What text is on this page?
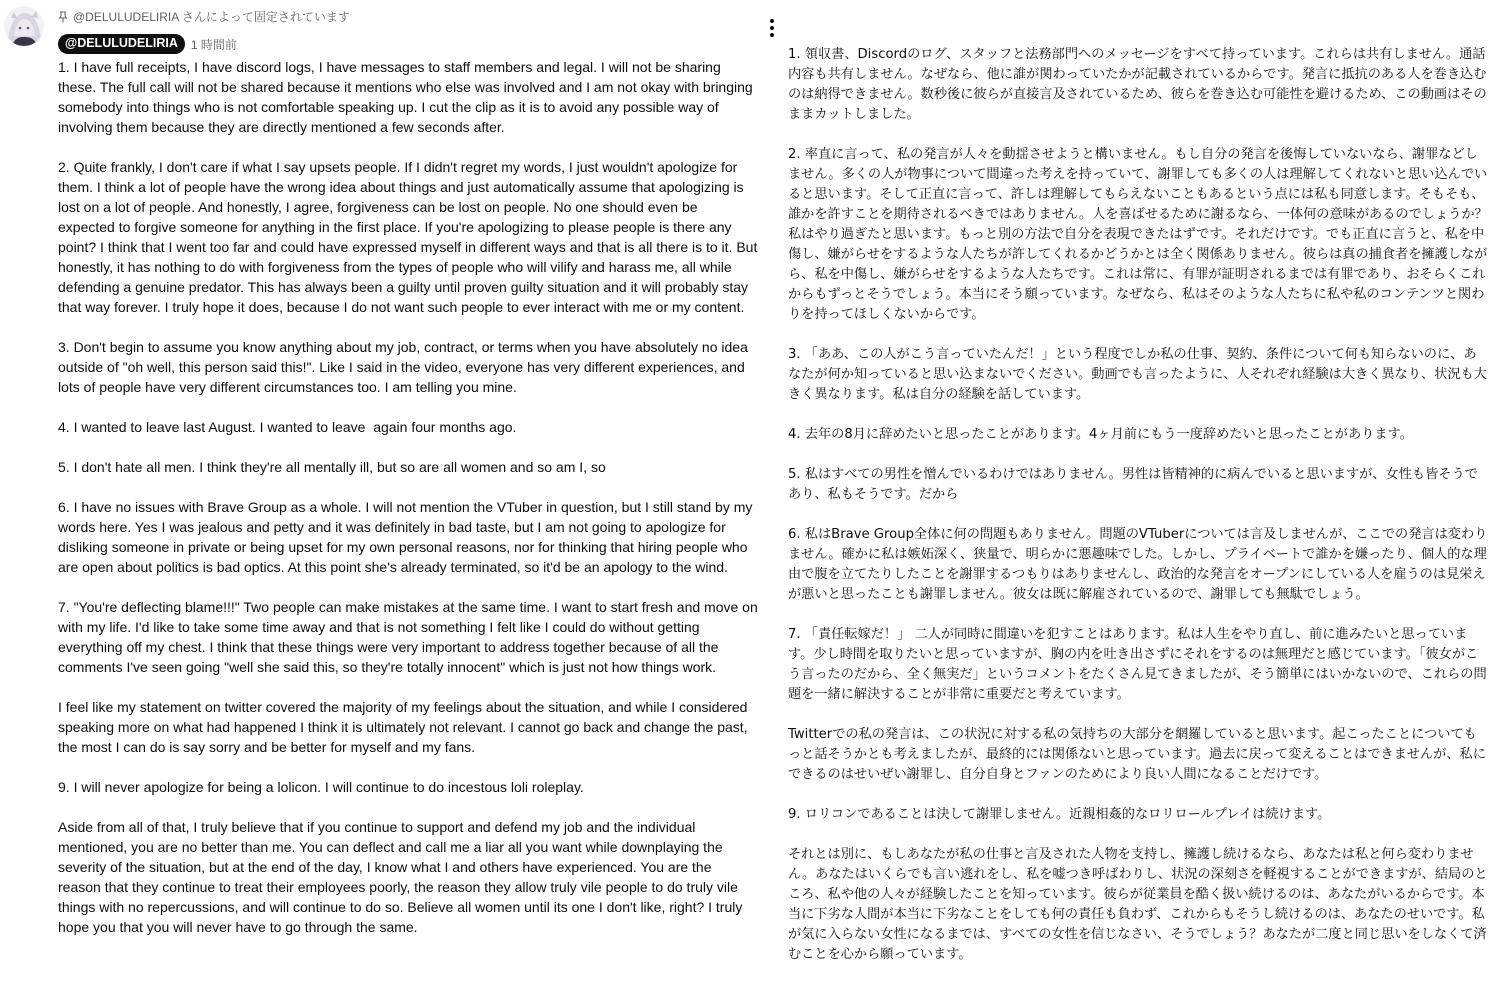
@DELULUDELIRIA さんによって固定されています
@DELULUDELIRIA	1 時間前

1. I have full receipts, I have discord logs, I have messages to staff members and legal. I will not be sharing these. The full call will not be shared because it mentions who else was involved and I am not okay with bringing somebody into things who is not comfortable speaking up. I cut the clip as it is to avoid any possible way of involving them because they are directly mentioned a few seconds after.

2. Quite frankly, I don't care if what I say upsets people. If I didn't regret my words, I just wouldn't apologize for them. I think a lot of people have the wrong idea about things and just automatically assume that apologizing is lost on a lot of people. And honestly, I agree, forgiveness can be lost on people. No one should even be expected to forgive someone for anything in the first place. If you're apologizing to please people is there any point? I think that I went too far and could have expressed myself in different ways and that is all there is to it. But honestly, it has nothing to do with forgiveness from the types of people who will vilify and harass me, all while defending a genuine predator. This has always been a guilty until proven guilty situation and it will probably stay that way forever. I truly hope it does, because I do not want such people to ever interact with me or my content.

3. Don't begin to assume you know anything about my job, contract, or terms when you have absolutely no idea outside of "oh well, this person said this!". Like I said in the video, everyone has very different experiences, and lots of people have very different circumstances too. I am telling you mine.

4. I wanted to leave last August. I wanted to leave  again four months ago.

5. I don't hate all men. I think they're all mentally ill, but so are all women and so am I, so

6. I have no issues with Brave Group as a whole. I will not mention the VTuber in question, but I still stand by my words here. Yes I was jealous and petty and it was definitely in bad taste, but I am not going to apologize for disliking someone in private or being upset for my own personal reasons, nor for thinking that hiring people who are open about politics is bad optics. At this point she's already terminated, so it'd be an apology to the wind.

7. "You're deflecting blame!!!" Two people can make mistakes at the same time. I want to start fresh and move on with my life. I'd like to take some time away and that is not something I felt like I could do without getting everything off my chest. I think that these things were very important to address together because of all the comments I've seen going "well she said this, so they're totally innocent" which is just not how things work.

I feel like my statement on twitter covered the majority of my feelings about the situation, and while I considered speaking more on what had happened I think it is ultimately not relevant. I cannot go back and change the past, the most I can do is say sorry and be better for myself and my fans.

9. I will never apologize for being a lolicon. I will continue to do incestous loli roleplay.

Aside from all of that, I truly believe that if you continue to support and defend my job and the individual mentioned, you are no better than me. You can deflect and call me a liar all you want while downplaying the severity of the situation, but at the end of the day, I know what I and others have experienced. You are the reason that they continue to treat their employees poorly, the reason they allow truly vile people to do truly vile things with no repercussions, and will continue to do so. Believe all women until its one I don't like, right? I truly hope you that you will never have to go through the same.

1. 領収書、Discordのログ、スタッフと法務部門へのメッセージをすべて持っています。これらは共有しません。通話内容も共有しません。なぜなら、他に誰が関わっていたかが記載されているからです。発言に抵抗のある人を巻き込むのは納得できません。数秒後に彼らが直接言及されているため、彼らを巻き込む可能性を避けるため、この動画はそのままカットしました。

2. 率直に言って、私の発言が人々を動揺させようと構いません。もし自分の発言を後悔していないなら、謝罪などしません。多くの人が物事について間違った考えを持っていて、謝罪しても多くの人は理解してくれないと思い込んでいると思います。そして正直に言って、許しは理解してもらえないこともあるという点には私も同意します。そもそも、誰かを許すことを期待されるべきではありません。人を喜ばせるために謝るなら、一体何の意味があるのでしょうか？私はやり過ぎたと思います。もっと別の方法で自分を表現できたはずです。それだけです。でも正直に言うと、私を中傷し、嫌がらせをするような人たちが許してくれるかどうかとは全く関係ありません。彼らは真の捕食者を擁護しながら、私を中傷し、嫌がらせをするような人たちです。これは常に、有罪が証明されるまでは有罪であり、おそらくこれからもずっとそうでしょう。本当にそう願っています。なぜなら、私はそのような人たちに私や私のコンテンツと関わりを持ってほしくないからです。

3. 「ああ、この人がこう言っていたんだ！」という程度でしか私の仕事、契約、条件について何も知らないのに、あなたが何か知っていると思い込まないでください。動画でも言ったように、人それぞれ経験は大きく異なり、状況も大きく異なります。私は自分の経験を話しています。

4. 去年の8月に辞めたいと思ったことがあります。4ヶ月前にもう一度辞めたいと思ったことがあります。

5. 私はすべての男性を憎んでいるわけではありません。男性は皆精神的に病んでいると思いますが、女性も皆そうであり、私もそうです。だから

6. 私はBrave Group全体に何の問題もありません。問題のVTuberについては言及しませんが、ここでの発言は変わりません。確かに私は嫉妬深く、狭量で、明らかに悪趣味でした。しかし、プライベートで誰かを嫌ったり、個人的な理由で腹を立てたりしたことを謝罪するつもりはありませんし、政治的な発言をオープンにしている人を雇うのは見栄えが悪いと思ったことも謝罪しません。彼女は既に解雇されているので、謝罪しても無駄でしょう。

7. 「責任転嫁だ！」 二人が同時に間違いを犯すことはあります。私は人生をやり直し、前に進みたいと思っています。少し時間を取りたいと思っていますが、胸の内を吐き出さずにそれをするのは無理だと感じています。「彼女がこう言ったのだから、全く無実だ」というコメントをたくさん見てきましたが、そう簡単にはいかないので、これらの問題を一緒に解決することが非常に重要だと考えています。

Twitterでの私の発言は、この状況に対する私の気持ちの大部分を網羅していると思います。起こったことについてもっと話そうかとも考えましたが、最終的には関係ないと思っています。過去に戻って変えることはできませんが、私にできるのはせいぜい謝罪し、自分自身とファンのためにより良い人間になることだけです。

9. ロリコンであることは決して謝罪しません。近親相姦的なロリロールプレイは続けます。

それとは別に、もしあなたが私の仕事と言及された人物を支持し、擁護し続けるなら、あなたは私と何ら変わりません。あなたはいくらでも言い逃れをし、私を嘘つき呼ばわりし、状況の深刻さを軽視することができますが、結局のところ、私や他の人々が経験したことを知っています。彼らが従業員を酷く扱い続けるのは、あなたがいるからです。本当に下劣な人間が本当に下劣なことをしても何の責任も負わず、これからもそうし続けるのは、あなたのせいです。私が気に入らない女性になるまでは、すべての女性を信じなさい、そうでしょう？あなたが二度と同じ思いをしなくて済むことを心から願っています。
